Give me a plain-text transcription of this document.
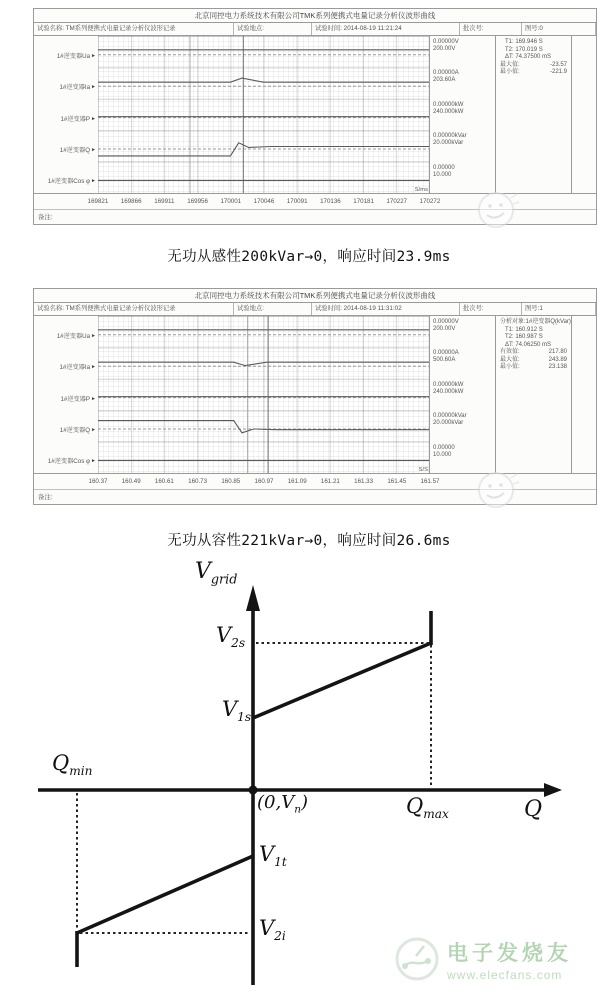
北京同控电力系统技术有限公司TMK系列便携式电量记录分析仪波形曲线
试验名称: TM系列便携式电量记录分析仪波形记录	试验地点:	试验时间: 2014-08-19 11:21:24	批次号:	图号:0
1#逆变器Ua►
1#逆变器Ia►
1#逆变器P►
1#逆变器Q►
1#逆变器Cos φ►
0.00000V
200.00V
0.00000A
203.60A
0.00000kW
240.000kW
0.00000kVar
20.000kVar
0.00000
10.000
T1: 169.946 S
T2: 170.019 S
ΔT: 74.37500 mS
最大值:	-23.57
最小值:	-221.9
169821 169866 169911 169956 170001 170046 170091 170136 170181 170227 170272
S/ms
备注:
无功从感性200kVar→0，响应时间23.9ms
北京同控电力系统技术有限公司TMK系列便携式电量记录分析仪波形曲线
试验名称: TM系列便携式电量记录分析仪波形记录	试验地点:	试验时间: 2014-08-19 11:31:02	批次号:	图号:1
1#逆变器Ua►
1#逆变器Ia►
1#逆变器P►
1#逆变器Q►
1#逆变器Cos φ►
0.00000V
200.00V
0.00000A
500.60A
0.00000kW
240.000kW
0.00000kVar
20.000kVar
0.00000
10.000
分析对象: 1#逆变器Q(kVar)
T1: 160.912 S
T2: 160.987 S
ΔT: 74.06250 mS
有效值:	217.80
最大值:	243.89
最小值:	23.138
160.37 160.49 160.61 160.73 160.85 160.97 161.09 161.21 161.33 161.45 161.57
S/S
备注:
无功从容性221kVar→0，响应时间26.6ms
$V_{grid}$
$V_{2s}$
$V_{1s}$
$Q_{min}$
$(0,V_n)$	$Q_{max}$	Q
$V_{1t}$
$V_{2i}$
电子发烧友
www.elecfans.com
